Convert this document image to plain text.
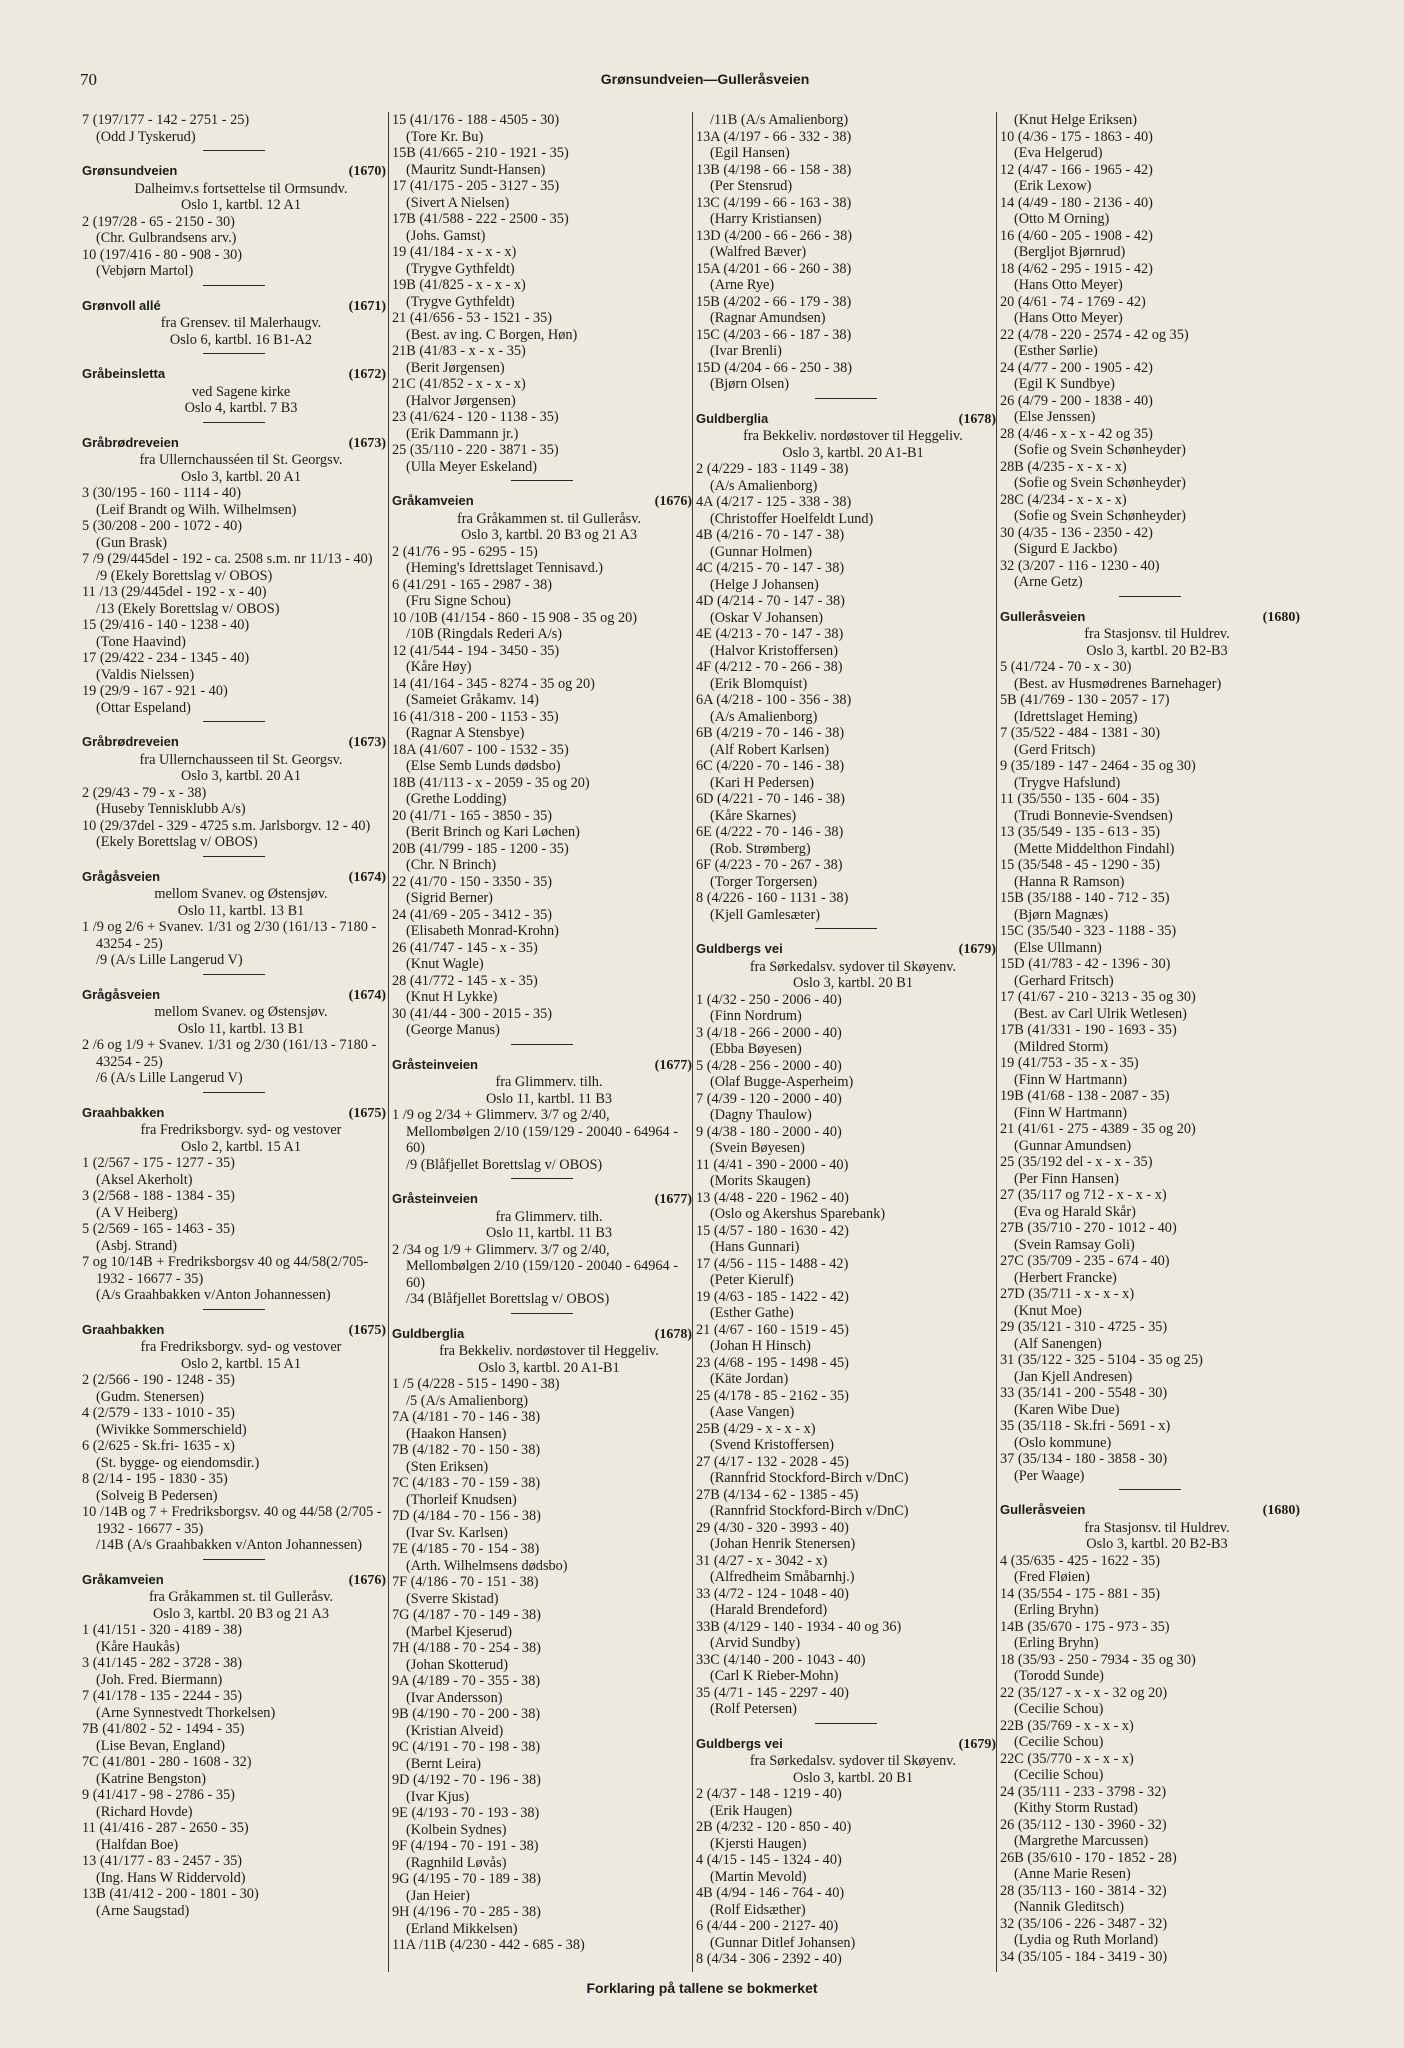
70	Grønsundveien—Gulleråsveien
7 (197/177 - 142 - 2751 - 25)
(Odd J Tyskerud)
Grønsundveien	(1670)
Dalheimv.s fortsettelse til Ormsundv.
Oslo 1, kartbl. 12 A1
2 (197/28 - 65 - 2150 - 30)
(Chr. Gulbrandsens arv.)
10 (197/416 - 80 - 908 - 30)
(Vebjørn Martol)
Grønvoll allé	(1671)
fra Grensev. til Malerhaugv.
Oslo 6, kartbl. 16 B1-A2
Gråbeinsletta	(1672)
ved Sagene kirke
Oslo 4, kartbl. 7 B3
Gråbrødreveien	(1673)
fra Ullernchausséen til St. Georgsv.
Oslo 3, kartbl. 20 A1
3 (30/195 - 160 - 1114 - 40)
(Leif Brandt og Wilh. Wilhelmsen)
5 (30/208 - 200 - 1072 - 40)
(Gun Brask)
7 /9 (29/445del - 192 - ca. 2508 s.m. nr 11/13 - 40)
/9 (Ekely Borettslag v/ OBOS)
11 /13 (29/445del - 192 - x - 40)
/13 (Ekely Borettslag v/ OBOS)
15 (29/416 - 140 - 1238 - 40)
(Tone Haavind)
17 (29/422 - 234 - 1345 - 40)
(Valdis Nielssen)
19 (29/9 - 167 - 921 - 40)
(Ottar Espeland)
Gråbrødreveien	(1673)
fra Ullernchausseen til St. Georgsv.
Oslo 3, kartbl. 20 A1
2 (29/43 - 79 - x - 38)
(Huseby Tennisklubb A/s)
10 (29/37del - 329 - 4725 s.m. Jarlsborgv. 12 - 40)
(Ekely Borettslag v/ OBOS)
Grågåsveien	(1674)
mellom Svanev. og Østensjøv.
Oslo 11, kartbl. 13 B1
1 /9 og 2/6 + Svanev. 1/31 og 2/30 (161/13 - 7180 - 43254 - 25)
/9 (A/s Lille Langerud V)
Grågåsveien	(1674)
mellom Svanev. og Østensjøv.
Oslo 11, kartbl. 13 B1
2 /6 og 1/9 + Svanev. 1/31 og 2/30 (161/13 - 7180 - 43254 - 25)
/6 (A/s Lille Langerud V)
Graahbakken	(1675)
fra Fredriksborgv. syd- og vestover
Oslo 2, kartbl. 15 A1
1 (2/567 - 175 - 1277 - 35)
(Aksel Akerholt)
3 (2/568 - 188 - 1384 - 35)
(A V Heiberg)
5 (2/569 - 165 - 1463 - 35)
(Asbj. Strand)
7 og 10/14B + Fredriksborgsv 40 og 44/58(2/705- 1932 - 16677 - 35)
(A/s Graahbakken v/Anton Johannessen)
Graahbakken	(1675)
fra Fredriksborgv. syd- og vestover
Oslo 2, kartbl. 15 A1
2 (2/566 - 190 - 1248 - 35)
(Gudm. Stenersen)
4 (2/579 - 133 - 1010 - 35)
(Wivikke Sommerschield)
6 (2/625 - Sk.fri- 1635 - x)
(St. bygge- og eiendomsdir.)
8 (2/14 - 195 - 1830 - 35)
(Solveig B Pedersen)
10 /14B og 7 + Fredriksborgsv. 40 og 44/58 (2/705 - 1932 - 16677 - 35)
/14B (A/s Graahbakken v/Anton Johannessen)
Gråkamveien	(1676)
fra Gråkammen st. til Gulleråsv.
Oslo 3, kartbl. 20 B3 og 21 A3
1 (41/151 - 320 - 4189 - 38)
(Kåre Haukås)
3 (41/145 - 282 - 3728 - 38)
(Joh. Fred. Biermann)
7 (41/178 - 135 - 2244 - 35)
(Arne Synnestvedt Thorkelsen)
7B (41/802 - 52 - 1494 - 35)
(Lise Bevan, England)
7C (41/801 - 280 - 1608 - 32)
(Katrine Bengston)
9 (41/417 - 98 - 2786 - 35)
(Richard Hovde)
11 (41/416 - 287 - 2650 - 35)
(Halfdan Boe)
13 (41/177 - 83 - 2457 - 35)
(Ing. Hans W Riddervold)
13B (41/412 - 200 - 1801 - 30)
(Arne Saugstad)
15 (41/176 - 188 - 4505 - 30)
(Tore Kr. Bu)
15B (41/665 - 210 - 1921 - 35)
(Mauritz Sundt-Hansen)
17 (41/175 - 205 - 3127 - 35)
(Sivert A Nielsen)
17B (41/588 - 222 - 2500 - 35)
(Johs. Gamst)
19 (41/184 - x - x - x)
(Trygve Gythfeldt)
19B (41/825 - x - x - x)
(Trygve Gythfeldt)
21 (41/656 - 53 - 1521 - 35)
(Best. av ing. C Borgen, Høn)
21B (41/83 - x - x - 35)
(Berit Jørgensen)
21C (41/852 - x - x - x)
(Halvor Jørgensen)
23 (41/624 - 120 - 1138 - 35)
(Erik Dammann jr.)
25 (35/110 - 220 - 3871 - 35)
(Ulla Meyer Eskeland)
Gråkamveien	(1676)
fra Gråkammen st. til Gulleråsv.
Oslo 3, kartbl. 20 B3 og 21 A3
2 (41/76 - 95 - 6295 - 15)
(Heming's Idrettslaget Tennisavd.)
6 (41/291 - 165 - 2987 - 38)
(Fru Signe Schou)
10 /10B (41/154 - 860 - 15 908 - 35 og 20)
/10B (Ringdals Rederi A/s)
12 (41/544 - 194 - 3450 - 35)
(Kåre Høy)
14 (41/164 - 345 - 8274 - 35 og 20)
(Sameiet Gråkamv. 14)
16 (41/318 - 200 - 1153 - 35)
(Ragnar A Stensbye)
18A (41/607 - 100 - 1532 - 35)
(Else Semb Lunds dødsbo)
18B (41/113 - x - 2059 - 35 og 20)
(Grethe Lodding)
20 (41/71 - 165 - 3850 - 35)
(Berit Brinch og Kari Løchen)
20B (41/799 - 185 - 1200 - 35)
(Chr. N Brinch)
22 (41/70 - 150 - 3350 - 35)
(Sigrid Berner)
24 (41/69 - 205 - 3412 - 35)
(Elisabeth Monrad-Krohn)
26 (41/747 - 145 - x - 35)
(Knut Wagle)
28 (41/772 - 145 - x - 35)
(Knut H Lykke)
30 (41/44 - 300 - 2015 - 35)
(George Manus)
Gråsteinveien	(1677)
fra Glimmerv. tilh.
Oslo 11, kartbl. 11 B3
1 /9 og 2/34 + Glimmerv. 3/7 og 2/40, Mellombølgen 2/10 (159/129 - 20040 - 64964 - 60)
/9 (Blåfjellet Borettslag v/ OBOS)
Gråsteinveien	(1677)
fra Glimmerv. tilh.
Oslo 11, kartbl. 11 B3
2 /34 og 1/9 + Glimmerv. 3/7 og 2/40, Mellombølgen 2/10 (159/120 - 20040 - 64964 - 60)
/34 (Blåfjellet Borettslag v/ OBOS)
Guldberglia	(1678)
fra Bekkeliv. nordøstover til Heggeliv.
Oslo 3, kartbl. 20 A1-B1
1 /5 (4/228 - 515 - 1490 - 38)
/5 (A/s Amalienborg)
7A (4/181 - 70 - 146 - 38)
(Haakon Hansen)
7B (4/182 - 70 - 150 - 38)
(Sten Eriksen)
7C (4/183 - 70 - 159 - 38)
(Thorleif Knudsen)
7D (4/184 - 70 - 156 - 38)
(Ivar Sv. Karlsen)
7E (4/185 - 70 - 154 - 38)
(Arth. Wilhelmsens dødsbo)
7F (4/186 - 70 - 151 - 38)
(Sverre Skistad)
7G (4/187 - 70 - 149 - 38)
(Marbel Kjeserud)
7H (4/188 - 70 - 254 - 38)
(Johan Skotterud)
9A (4/189 - 70 - 355 - 38)
(Ivar Andersson)
9B (4/190 - 70 - 200 - 38)
(Kristian Alveid)
9C (4/191 - 70 - 198 - 38)
(Bernt Leira)
9D (4/192 - 70 - 196 - 38)
(Ivar Kjus)
9E (4/193 - 70 - 193 - 38)
(Kolbein Sydnes)
9F (4/194 - 70 - 191 - 38)
(Ragnhild Løvås)
9G (4/195 - 70 - 189 - 38)
(Jan Heier)
9H (4/196 - 70 - 285 - 38)
(Erland Mikkelsen)
11A /11B (4/230 - 442 - 685 - 38)
/11B (A/s Amalienborg)
13A (4/197 - 66 - 332 - 38)
(Egil Hansen)
13B (4/198 - 66 - 158 - 38)
(Per Stensrud)
13C (4/199 - 66 - 163 - 38)
(Harry Kristiansen)
13D (4/200 - 66 - 266 - 38)
(Walfred Bæver)
15A (4/201 - 66 - 260 - 38)
(Arne Rye)
15B (4/202 - 66 - 179 - 38)
(Ragnar Amundsen)
15C (4/203 - 66 - 187 - 38)
(Ivar Brenli)
15D (4/204 - 66 - 250 - 38)
(Bjørn Olsen)
Guldberglia	(1678)
fra Bekkeliv. nordøstover til Heggeliv.
Oslo 3, kartbl. 20 A1-B1
2 (4/229 - 183 - 1149 - 38)
(A/s Amalienborg)
4A (4/217 - 125 - 338 - 38)
(Christoffer Hoelfeldt Lund)
4B (4/216 - 70 - 147 - 38)
(Gunnar Holmen)
4C (4/215 - 70 - 147 - 38)
(Helge J Johansen)
4D (4/214 - 70 - 147 - 38)
(Oskar V Johansen)
4E (4/213 - 70 - 147 - 38)
(Halvor Kristoffersen)
4F (4/212 - 70 - 266 - 38)
(Erik Blomquist)
6A (4/218 - 100 - 356 - 38)
(A/s Amalienborg)
6B (4/219 - 70 - 146 - 38)
(Alf Robert Karlsen)
6C (4/220 - 70 - 146 - 38)
(Kari H Pedersen)
6D (4/221 - 70 - 146 - 38)
(Kåre Skarnes)
6E (4/222 - 70 - 146 - 38)
(Rob. Strømberg)
6F (4/223 - 70 - 267 - 38)
(Torger Torgersen)
8 (4/226 - 160 - 1131 - 38)
(Kjell Gamlesæter)
Guldbergs vei	(1679)
fra Sørkedalsv. sydover til Skøyenv.
Oslo 3, kartbl. 20 B1
1 (4/32 - 250 - 2006 - 40)
(Finn Nordrum)
3 (4/18 - 266 - 2000 - 40)
(Ebba Bøyesen)
5 (4/28 - 256 - 2000 - 40)
(Olaf Bugge-Asperheim)
7 (4/39 - 120 - 2000 - 40)
(Dagny Thaulow)
9 (4/38 - 180 - 2000 - 40)
(Svein Bøyesen)
11 (4/41 - 390 - 2000 - 40)
(Morits Skaugen)
13 (4/48 - 220 - 1962 - 40)
(Oslo og Akershus Sparebank)
15 (4/57 - 180 - 1630 - 42)
(Hans Gunnari)
17 (4/56 - 115 - 1488 - 42)
(Peter Kierulf)
19 (4/63 - 185 - 1422 - 42)
(Esther Gathe)
21 (4/67 - 160 - 1519 - 45)
(Johan H Hinsch)
23 (4/68 - 195 - 1498 - 45)
(Käte Jordan)
25 (4/178 - 85 - 2162 - 35)
(Aase Vangen)
25B (4/29 - x - x - x)
(Svend Kristoffersen)
27 (4/17 - 132 - 2028 - 45)
(Rannfrid Stockford-Birch v/DnC)
27B (4/134 - 62 - 1385 - 45)
(Rannfrid Stockford-Birch v/DnC)
29 (4/30 - 320 - 3993 - 40)
(Johan Henrik Stenersen)
31 (4/27 - x - 3042 - x)
(Alfredheim Småbarnhj.)
33 (4/72 - 124 - 1048 - 40)
(Harald Brendeford)
33B (4/129 - 140 - 1934 - 40 og 36)
(Arvid Sundby)
33C (4/140 - 200 - 1043 - 40)
(Carl K Rieber-Mohn)
35 (4/71 - 145 - 2297 - 40)
(Rolf Petersen)
Guldbergs vei	(1679)
fra Sørkedalsv. sydover til Skøyenv.
Oslo 3, kartbl. 20 B1
2 (4/37 - 148 - 1219 - 40)
(Erik Haugen)
2B (4/232 - 120 - 850 - 40)
(Kjersti Haugen)
4 (4/15 - 145 - 1324 - 40)
(Martin Mevold)
4B (4/94 - 146 - 764 - 40)
(Rolf Eidsæther)
6 (4/44 - 200 - 2127- 40)
(Gunnar Ditlef Johansen)
8 (4/34 - 306 - 2392 - 40)
(Knut Helge Eriksen)
10 (4/36 - 175 - 1863 - 40)
(Eva Helgerud)
12 (4/47 - 166 - 1965 - 42)
(Erik Lexow)
14 (4/49 - 180 - 2136 - 40)
(Otto M Orning)
16 (4/60 - 205 - 1908 - 42)
(Bergljot Bjørnrud)
18 (4/62 - 295 - 1915 - 42)
(Hans Otto Meyer)
20 (4/61 - 74 - 1769 - 42)
(Hans Otto Meyer)
22 (4/78 - 220 - 2574 - 42 og 35)
(Esther Sørlie)
24 (4/77 - 200 - 1905 - 42)
(Egil K Sundbye)
26 (4/79 - 200 - 1838 - 40)
(Else Jenssen)
28 (4/46 - x - x - 42 og 35)
(Sofie og Svein Schønheyder)
28B (4/235 - x - x - x)
(Sofie og Svein Schønheyder)
28C (4/234 - x - x - x)
(Sofie og Svein Schønheyder)
30 (4/35 - 136 - 2350 - 42)
(Sigurd E Jackbo)
32 (3/207 - 116 - 1230 - 40)
(Arne Getz)
Gulleråsveien	(1680)
fra Stasjonsv. til Huldrev.
Oslo 3, kartbl. 20 B2-B3
5 (41/724 - 70 - x - 30)
(Best. av Husmødrenes Barnehager)
5B (41/769 - 130 - 2057 - 17)
(Idrettslaget Heming)
7 (35/522 - 484 - 1381 - 30)
(Gerd Fritsch)
9 (35/189 - 147 - 2464 - 35 og 30)
(Trygve Hafslund)
11 (35/550 - 135 - 604 - 35)
(Trudi Bonnevie-Svendsen)
13 (35/549 - 135 - 613 - 35)
(Mette Middelthon Findahl)
15 (35/548 - 45 - 1290 - 35)
(Hanna R Ramson)
15B (35/188 - 140 - 712 - 35)
(Bjørn Magnæs)
15C (35/540 - 323 - 1188 - 35)
(Else Ullmann)
15D (41/783 - 42 - 1396 - 30)
(Gerhard Fritsch)
17 (41/67 - 210 - 3213 - 35 og 30)
(Best. av Carl Ulrik Wetlesen)
17B (41/331 - 190 - 1693 - 35)
(Mildred Storm)
19 (41/753 - 35 - x - 35)
(Finn W Hartmann)
19B (41/68 - 138 - 2087 - 35)
(Finn W Hartmann)
21 (41/61 - 275 - 4389 - 35 og 20)
(Gunnar Amundsen)
25 (35/192 del - x - x - 35)
(Per Finn Hansen)
27 (35/117 og 712 - x - x - x)
(Eva og Harald Skår)
27B (35/710 - 270 - 1012 - 40)
(Svein Ramsay Goli)
27C (35/709 - 235 - 674 - 40)
(Herbert Francke)
27D (35/711 - x - x - x)
(Knut Moe)
29 (35/121 - 310 - 4725 - 35)
(Alf Sanengen)
31 (35/122 - 325 - 5104 - 35 og 25)
(Jan Kjell Andresen)
33 (35/141 - 200 - 5548 - 30)
(Karen Wibe Due)
35 (35/118 - Sk.fri - 5691 - x)
(Oslo kommune)
37 (35/134 - 180 - 3858 - 30)
(Per Waage)
Gulleråsveien	(1680)
fra Stasjonsv. til Huldrev.
Oslo 3, kartbl. 20 B2-B3
4 (35/635 - 425 - 1622 - 35)
(Fred Fløien)
14 (35/554 - 175 - 881 - 35)
(Erling Bryhn)
14B (35/670 - 175 - 973 - 35)
(Erling Bryhn)
18 (35/93 - 250 - 7934 - 35 og 30)
(Torodd Sunde)
22 (35/127 - x - x - 32 og 20)
(Cecilie Schou)
22B (35/769 - x - x - x)
(Cecilie Schou)
22C (35/770 - x - x - x)
(Cecilie Schou)
24 (35/111 - 233 - 3798 - 32)
(Kithy Storm Rustad)
26 (35/112 - 130 - 3960 - 32)
(Margrethe Marcussen)
26B (35/610 - 170 - 1852 - 28)
(Anne Marie Resen)
28 (35/113 - 160 - 3814 - 32)
(Nannik Gleditsch)
32 (35/106 - 226 - 3487 - 32)
(Lydia og Ruth Morland)
34 (35/105 - 184 - 3419 - 30)
Forklaring på tallene se bokmerket
